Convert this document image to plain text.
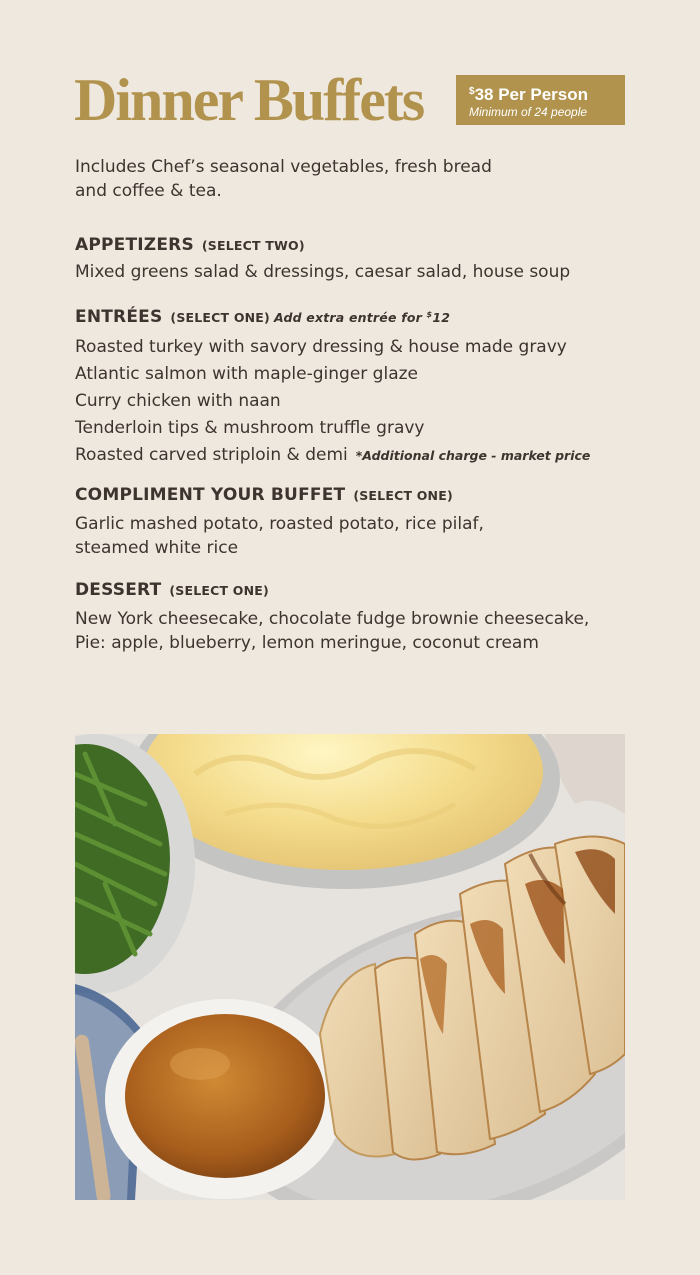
Dinner Buffets	$38 Per Person
Minimum of 24 people
Includes Chef’s seasonal vegetables, fresh bread
and coffee & tea.
APPETIZERS (SELECT TWO)
Mixed greens salad & dressings, caesar salad, house soup
ENTRÉES (SELECT ONE) Add extra entrée for $12
Roasted turkey with savory dressing & house made gravy
Atlantic salmon with maple-ginger glaze
Curry chicken with naan
Tenderloin tips & mushroom truffle gravy
Roasted carved striploin & demi *Additional charge - market price
COMPLIMENT YOUR BUFFET (SELECT ONE)
Garlic mashed potato, roasted potato, rice pilaf,
steamed white rice
DESSERT (SELECT ONE)
New York cheesecake, chocolate fudge brownie cheesecake,
Pie: apple, blueberry, lemon meringue, coconut cream
